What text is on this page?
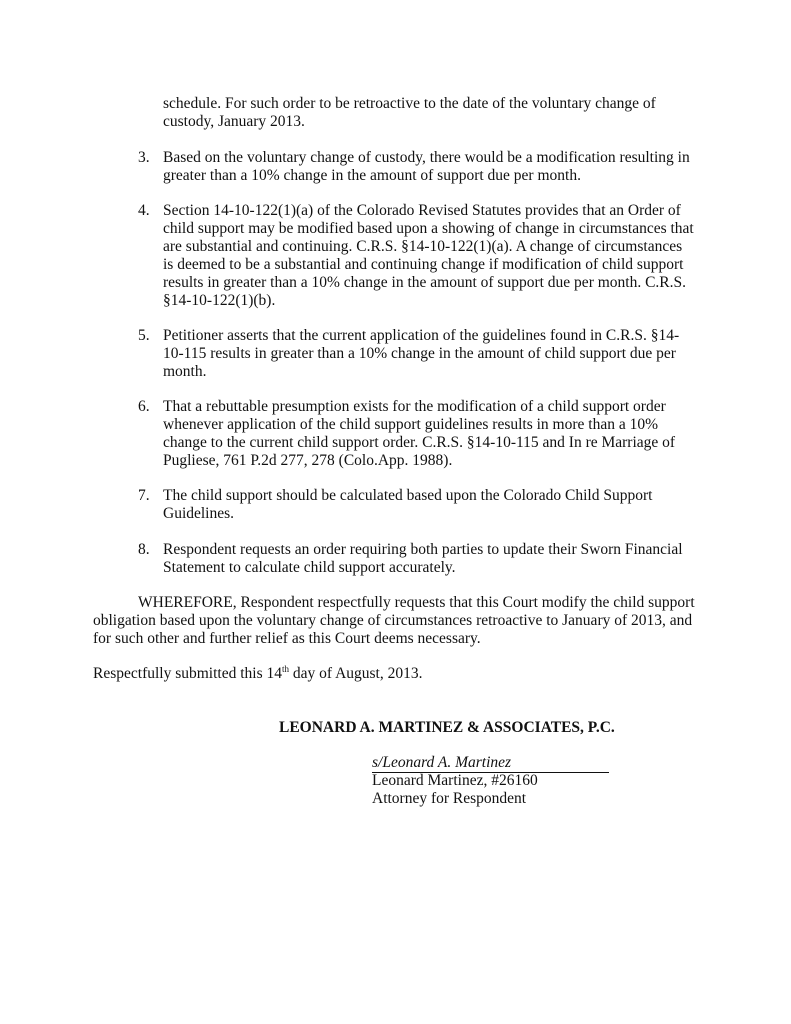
schedule. For such order to be retroactive to the date of the voluntary change of
custody, January 2013.
3. Based on the voluntary change of custody, there would be a modification resulting in
greater than a 10% change in the amount of support due per month.
4. Section 14-10-122(1)(a) of the Colorado Revised Statutes provides that an Order of
child support may be modified based upon a showing of change in circumstances that
are substantial and continuing. C.R.S. §14-10-122(1)(a). A change of circumstances
is deemed to be a substantial and continuing change if modification of child support
results in greater than a 10% change in the amount of support due per month. C.R.S.
§14-10-122(1)(b).
5. Petitioner asserts that the current application of the guidelines found in C.R.S. §14-
10-115 results in greater than a 10% change in the amount of child support due per
month.
6. That a rebuttable presumption exists for the modification of a child support order
whenever application of the child support guidelines results in more than a 10%
change to the current child support order. C.R.S. §14-10-115 and In re Marriage of
Pugliese, 761 P.2d 277, 278 (Colo.App. 1988).
7. The child support should be calculated based upon the Colorado Child Support
Guidelines.
8. Respondent requests an order requiring both parties to update their Sworn Financial
Statement to calculate child support accurately.
WHEREFORE, Respondent respectfully requests that this Court modify the child support
obligation based upon the voluntary change of circumstances retroactive to January of 2013, and
for such other and further relief as this Court deems necessary.
Respectfully submitted this 14th day of August, 2013.
LEONARD A. MARTINEZ & ASSOCIATES, P.C.
s/Leonard A. Martinez
Leonard Martinez, #26160
Attorney for Respondent
